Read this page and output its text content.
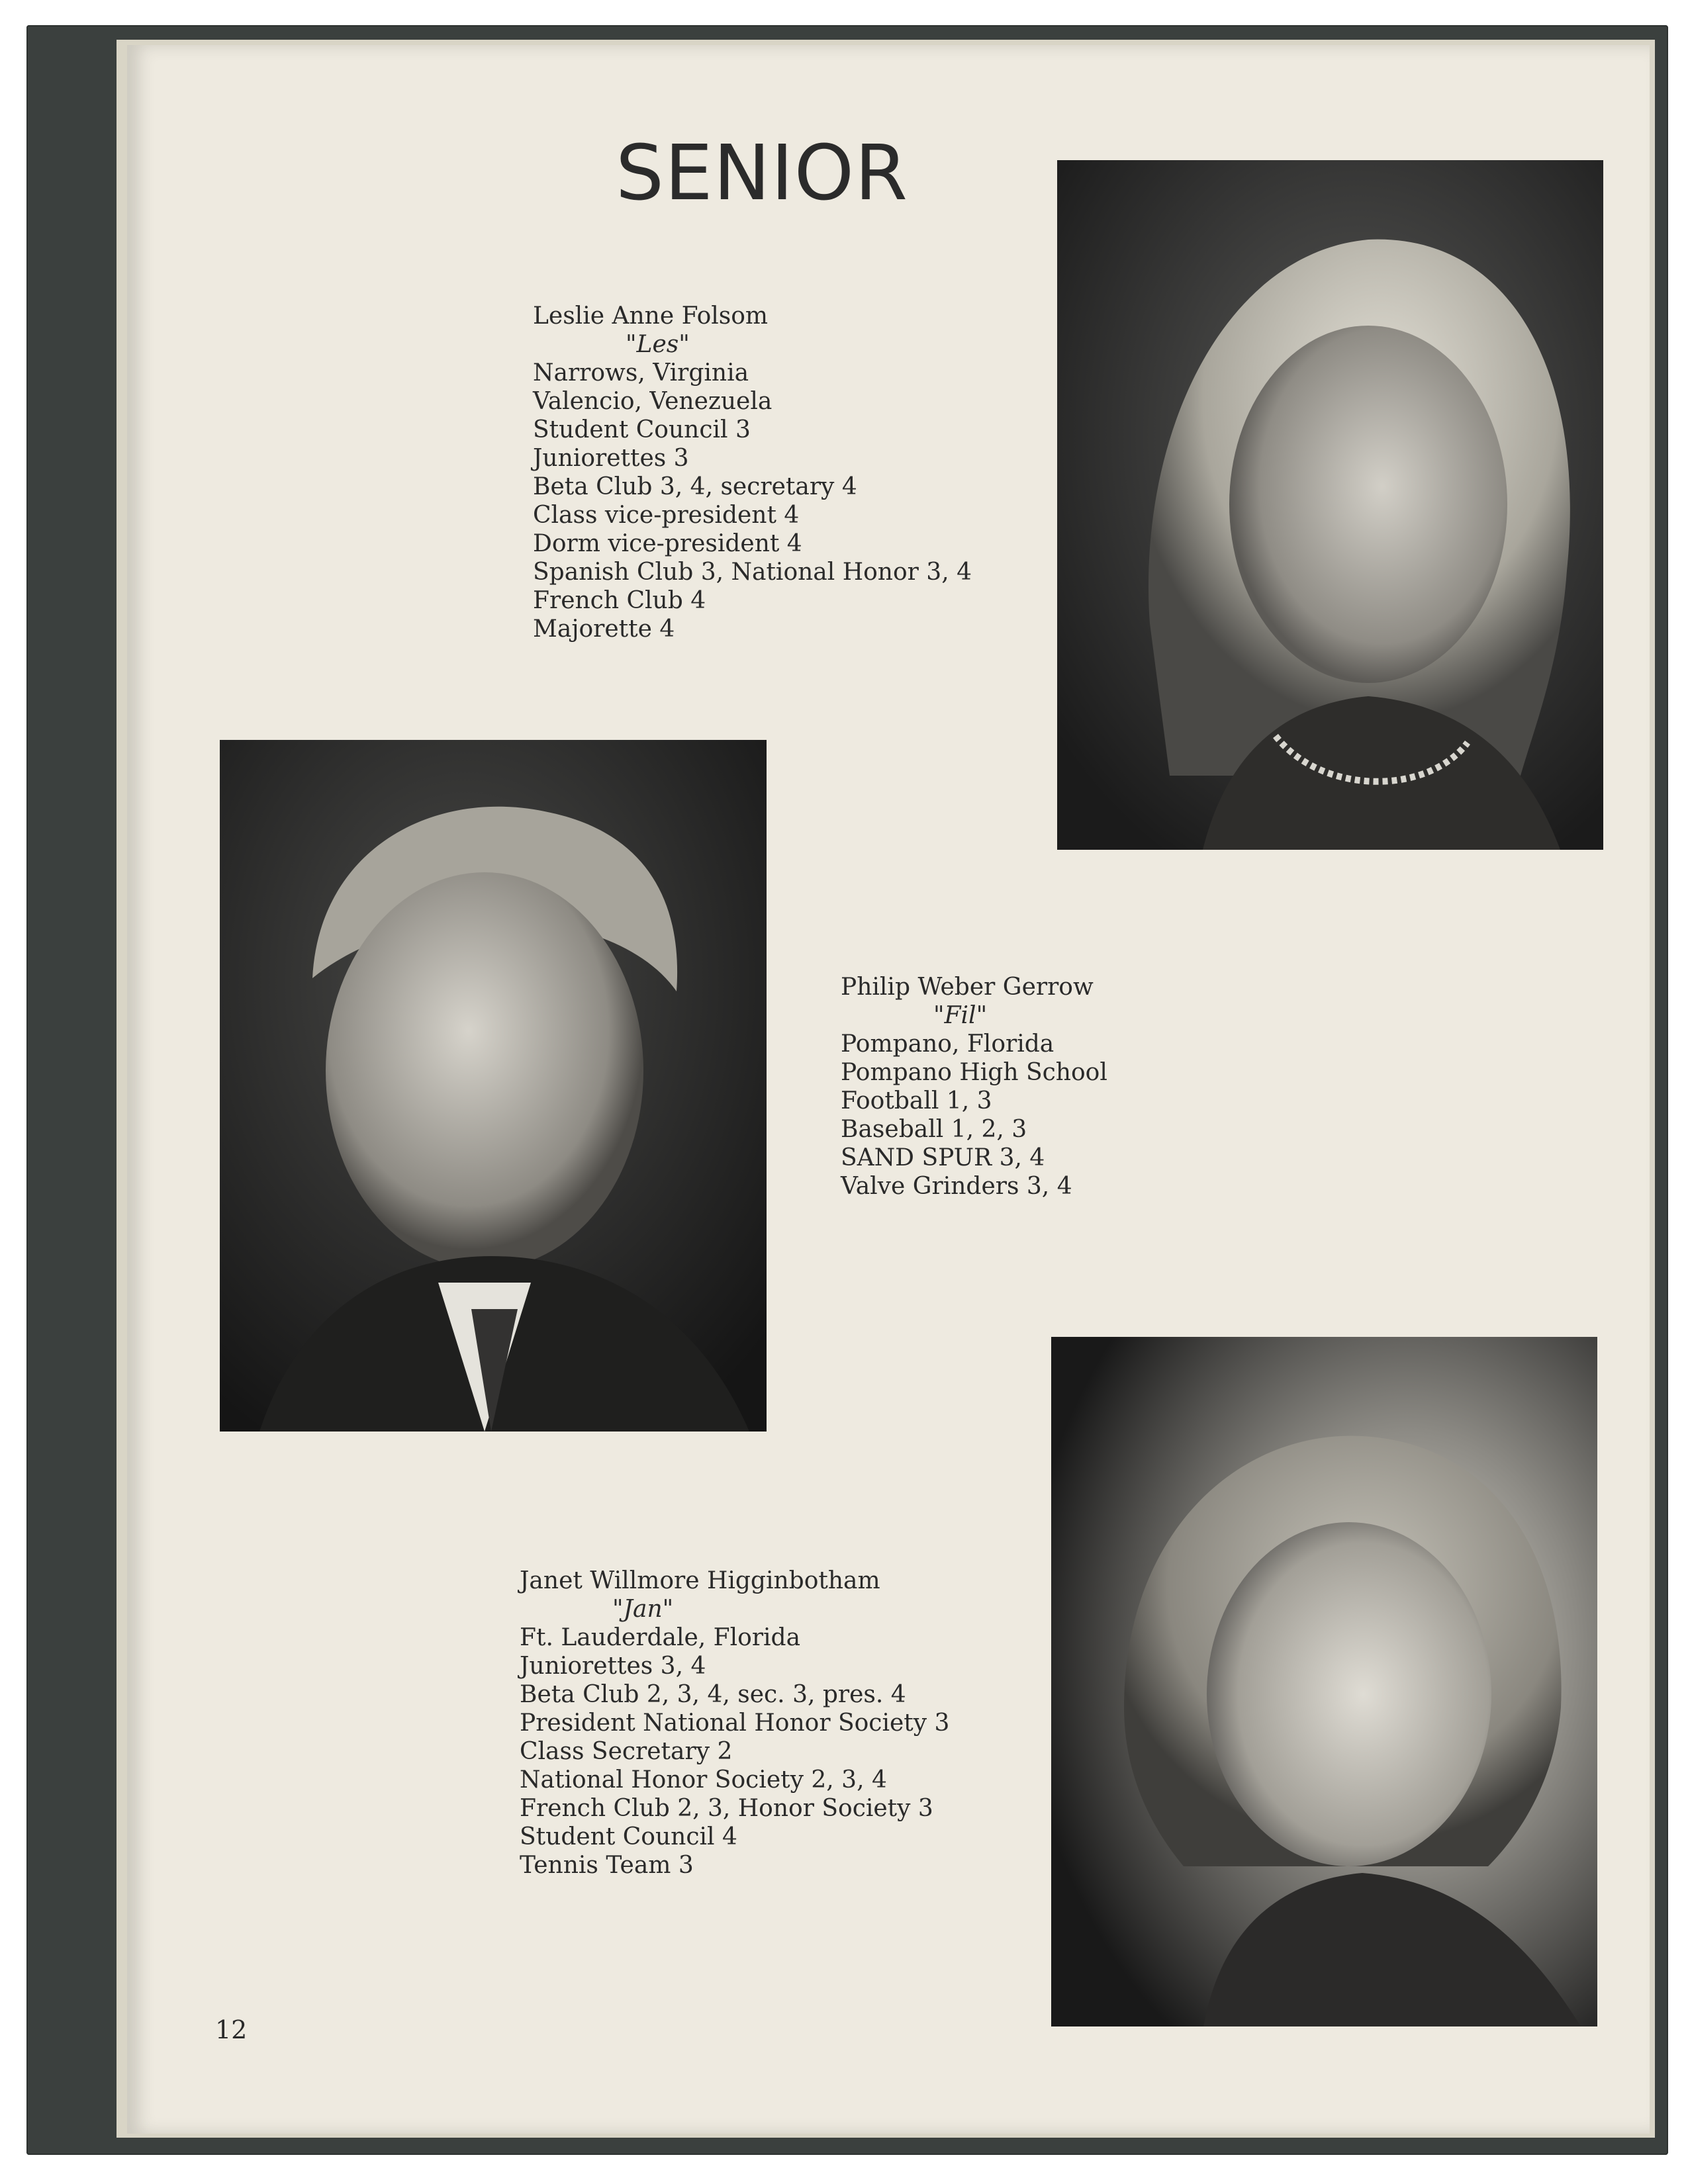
SENIOR
Leslie Anne Folsom
"Les"
Narrows, Virginia
Valencio, Venezuela
Student Council 3
Juniorettes 3
Beta Club 3, 4, secretary 4
Class vice-president 4
Dorm vice-president 4
Spanish Club 3, National Honor 3, 4
French Club 4
Majorette 4
Philip Weber Gerrow
"Fil"
Pompano, Florida
Pompano High School
Football 1, 3
Baseball 1, 2, 3
SAND SPUR 3, 4
Valve Grinders 3, 4
Janet Willmore Higginbotham
"Jan"
Ft. Lauderdale, Florida
Juniorettes 3, 4
Beta Club 2, 3, 4, sec. 3, pres. 4
President National Honor Society 3
Class Secretary 2
National Honor Society 2, 3, 4
French Club 2, 3, Honor Society 3
Student Council 4
Tennis Team 3
12
